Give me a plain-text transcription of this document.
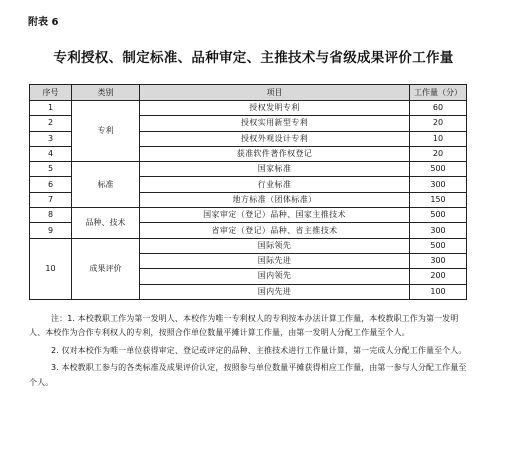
附表 6
专利授权、制定标准、品种审定、主推技术与省级成果评价工作量
序号	类别	项目	工作量（分）
1	专利	授权发明专利	60
2		授权实用新型专利	20
3		授权外观设计专利	10
4		获准软件著作权登记	20
5	标准	国家标准	500
6		行业标准	300
7		地方标准（团体标准）	150
8	品种、技术	国家审定（登记）品种、国家主推技术	500
9		省审定（登记）品种、省主推技术	300
10	成果评价	国际领先	500
		国际先进	300
		国内领先	200
		国内先进	100

注：1. 本校教职工作为第一发明人、本校作为唯一专利权人的专利按本办法计算工作量，本校教职工作为第一发明人、本校作为合作专利权人的专利，按照合作单位数量平摊计算工作量，由第一发明人分配工作量至个人。

2. 仅对本校作为唯一单位获得审定、登记或评定的品种、主推技术进行工作量计算，第一完成人分配工作量至个人。

3. 本校教职工参与的各类标准及成果评价认定，按照参与单位数量平摊获得相应工作量，由第一参与人分配工作量至个人。
